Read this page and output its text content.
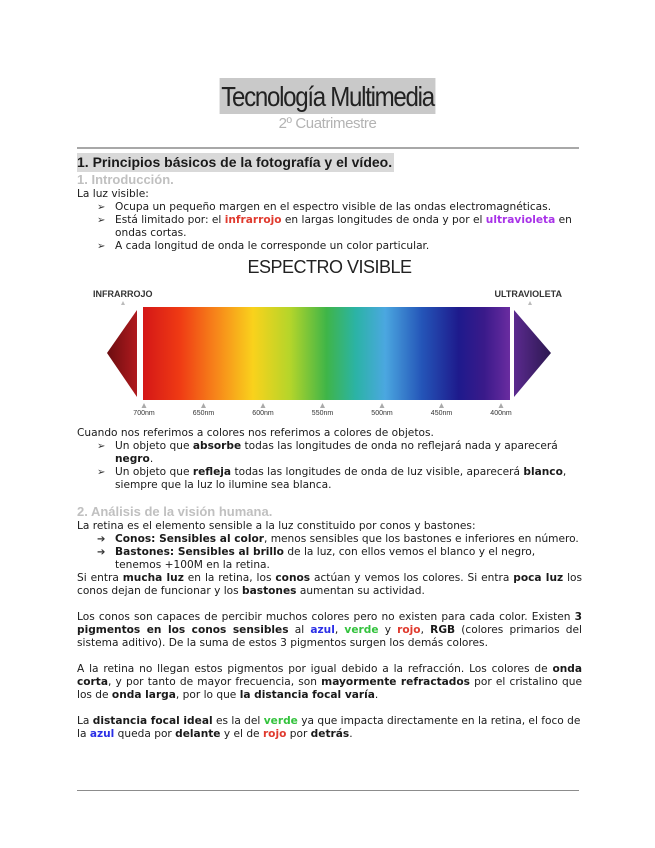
Tecnología Multimedia
2º Cuatrimestre
1. Principios básicos de la fotografía y el vídeo.
1. Introducción.

La luz visible:

➢ Ocupa un pequeño margen en el espectro visible de las ondas electromagnéticas.
➢ Está limitado por: el infrarrojo en largas longitudes de onda y por el ultravioleta en ondas cortas.
➢ A cada longitud de onda le corresponde un color particular.
ESPECTRO VISIBLE
INFRARROJO	ULTRAVIOLETA
700nm	650nm	600nm	550nm	500nm	450nm	400nm

Cuando nos referimos a colores nos referimos a colores de objetos.

➢ Un objeto que absorbe todas las longitudes de onda no reflejará nada y aparecerá negro.
➢ Un objeto que refleja todas las longitudes de onda de luz visible, aparecerá blanco, siempre que la luz lo ilumine sea blanca.
2. Análisis de la visión humana.

La retina es el elemento sensible a la luz constituido por conos y bastones:

➔ Conos: Sensibles al color, menos sensibles que los bastones e inferiores en número.
➔ Bastones: Sensibles al brillo de la luz, con ellos vemos el blanco y el negro, tenemos +100M en la retina.

Si entra mucha luz en la retina, los conos actúan y vemos los colores. Si entra poca luz los conos dejan de funcionar y los bastones aumentan su actividad.

Los conos son capaces de percibir muchos colores pero no existen para cada color. Existen 3 pigmentos en los conos sensibles al azul, verde y rojo, RGB (colores primarios del sistema aditivo). De la suma de estos 3 pigmentos surgen los demás colores.

A la retina no llegan estos pigmentos por igual debido a la refracción. Los colores de onda corta, y por tanto de mayor frecuencia, son mayormente refractados por el cristalino que los de onda larga, por lo que la distancia focal varía.

La distancia focal ideal es la del verde ya que impacta directamente en la retina, el foco de la azul queda por delante y el de rojo por detrás.
